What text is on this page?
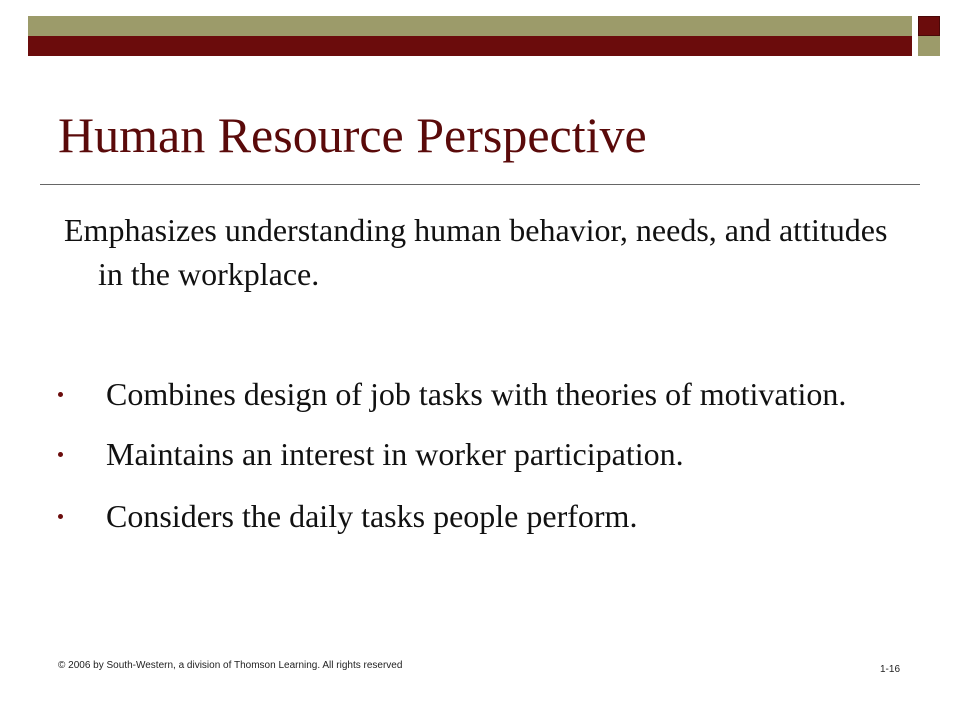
Human Resource Perspective

Emphasizes understanding human behavior, needs, and attitudes in the workplace.

Combines design of job tasks with theories of motivation.
Maintains an interest in worker participation.
Considers the daily tasks people perform.
© 2006 by South-Western, a division of Thomson Learning. All rights reserved	1-16
